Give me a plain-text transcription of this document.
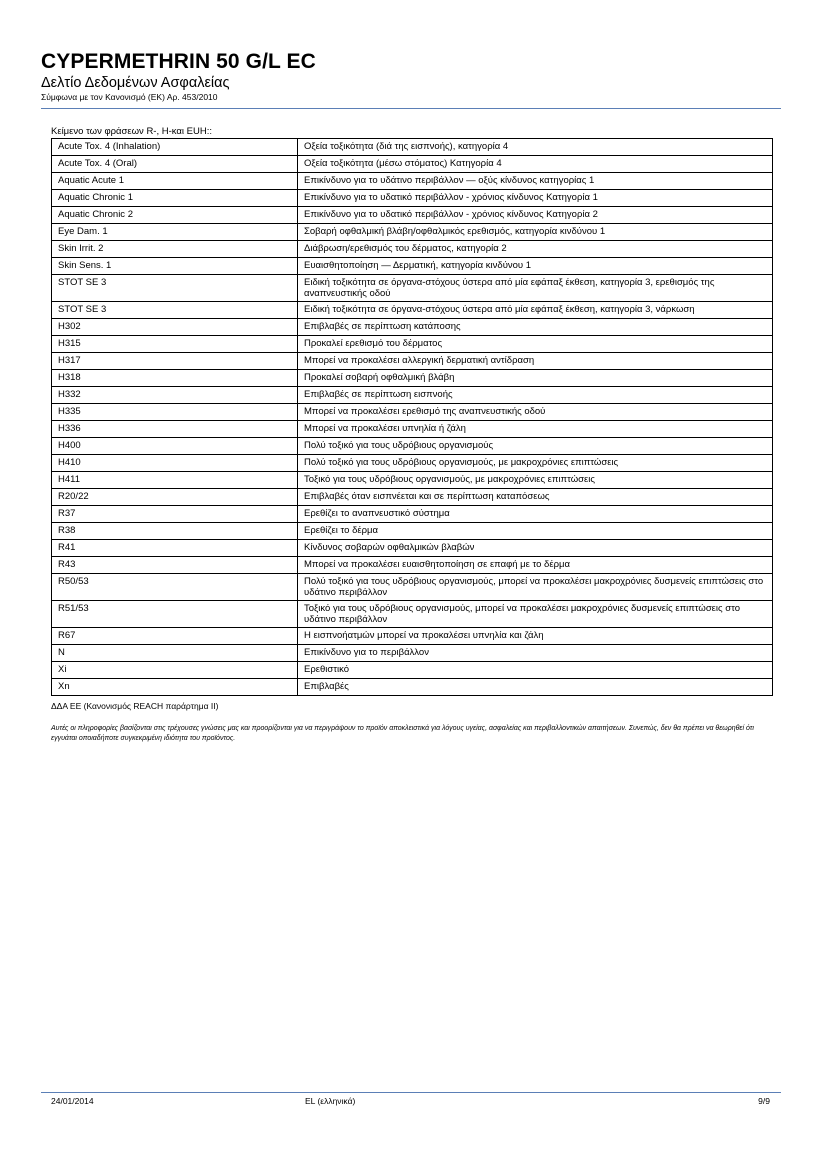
CYPERMETHRIN 50 G/L EC
Δελτίο Δεδομένων Ασφαλείας
Σύμφωνα με τον Κανονισμό (ΕΚ) Αρ. 453/2010
Κείμενο των φράσεων R-, H-και EUH::
Acute Tox. 4 (Inhalation)	Οξεία τοξικότητα (διά της εισπνοής), κατηγορία 4
Acute Tox. 4 (Oral)	Οξεία τοξικότητα (μέσω στόματος) Κατηγορία 4
Aquatic Acute 1	Επικίνδυνο για το υδάτινο περιβάλλον — οξύς κίνδυνος κατηγορίας 1
Aquatic Chronic 1	Επικίνδυνο για το υδατικό περιβάλλον - χρόνιος κίνδυνος Κατηγορία 1
Aquatic Chronic 2	Επικίνδυνο για το υδατικό περιβάλλον - χρόνιος κίνδυνος Κατηγορία 2
Eye Dam. 1	Σοβαρή οφθαλμική βλάβη/οφθαλμικός ερεθισμός, κατηγορία κινδύνου 1
Skin Irrit. 2	Διάβρωση/ερεθισμός του δέρματος, κατηγορία 2
Skin Sens. 1	Ευαισθητοποίηση — Δερματική, κατηγορία κινδύνου 1
STOT SE 3	Ειδική τοξικότητα σε όργανα-στόχους ύστερα από μία εφάπαξ έκθεση, κατηγορία 3, ερεθισμός της αναπνευστικής οδού
STOT SE 3	Ειδική τοξικότητα σε όργανα-στόχους ύστερα από μία εφάπαξ έκθεση, κατηγορία 3, νάρκωση
H302	Επιβλαβές σε περίπτωση κατάποσης
H315	Προκαλεί ερεθισμό του δέρματος
H317	Μπορεί να προκαλέσει αλλεργική δερματική αντίδραση
H318	Προκαλεί σοβαρή οφθαλμική βλάβη
H332	Επιβλαβές σε περίπτωση εισπνοής
H335	Μπορεί να προκαλέσει ερεθισμό της αναπνευστικής οδού
H336	Μπορεί να προκαλέσει υπνηλία ή ζάλη
H400	Πολύ τοξικό για τους υδρόβιους οργανισμούς
H410	Πολύ τοξικό για τους υδρόβιους οργανισμούς, με μακροχρόνιες επιπτώσεις
H411	Τοξικό για τους υδρόβιους οργανισμούς, με μακροχρόνιες επιπτώσεις
R20/22	Επιβλαβές όταν εισπνέεται και σε περίπτωση καταπόσεως
R37	Ερεθίζει το αναπνευστικό σύστημα
R38	Ερεθίζει το δέρμα
R41	Κίνδυνος σοβαρών οφθαλμικών βλαβών
R43	Μπορεί να προκαλέσει ευαισθητοποίηση σε επαφή με το δέρμα
R50/53	Πολύ τοξικό για τους υδρόβιους οργανισμούς, μπορεί να προκαλέσει μακροχρόνιες δυσμενείς επιπτώσεις στο υδάτινο περιβάλλον
R51/53	Τοξικό για τους υδρόβιους οργανισμούς, μπορεί να προκαλέσει μακροχρόνιες δυσμενείς επιπτώσεις στο υδάτινο περιβάλλον
R67	Η εισπνοήατμών μπορεί να προκαλέσει υπνηλία και ζάλη
N	Επικίνδυνο για το περιβάλλον
Xi	Ερεθιστικό
Xn	Επιβλαβές
ΔΔΑ ΕΕ (Κανονισμός REACH παράρτημα II)
Αυτές οι πληροφορίες βασίζονται στις τρέχουσες γνώσεις μας και προορίζονται για να περιγράψουν το προϊόν αποκλειστικά για λόγους υγείας, ασφαλείας και περιβαλλοντικών απαιτήσεων. Συνεπώς, δεν θα πρέπει να θεωρηθεί ότι εγγυάται οποιαδήποτε συγκεκριμένη ιδιότητα του προϊόντος.
24/01/2014	EL (ελληνικά)	9/9
